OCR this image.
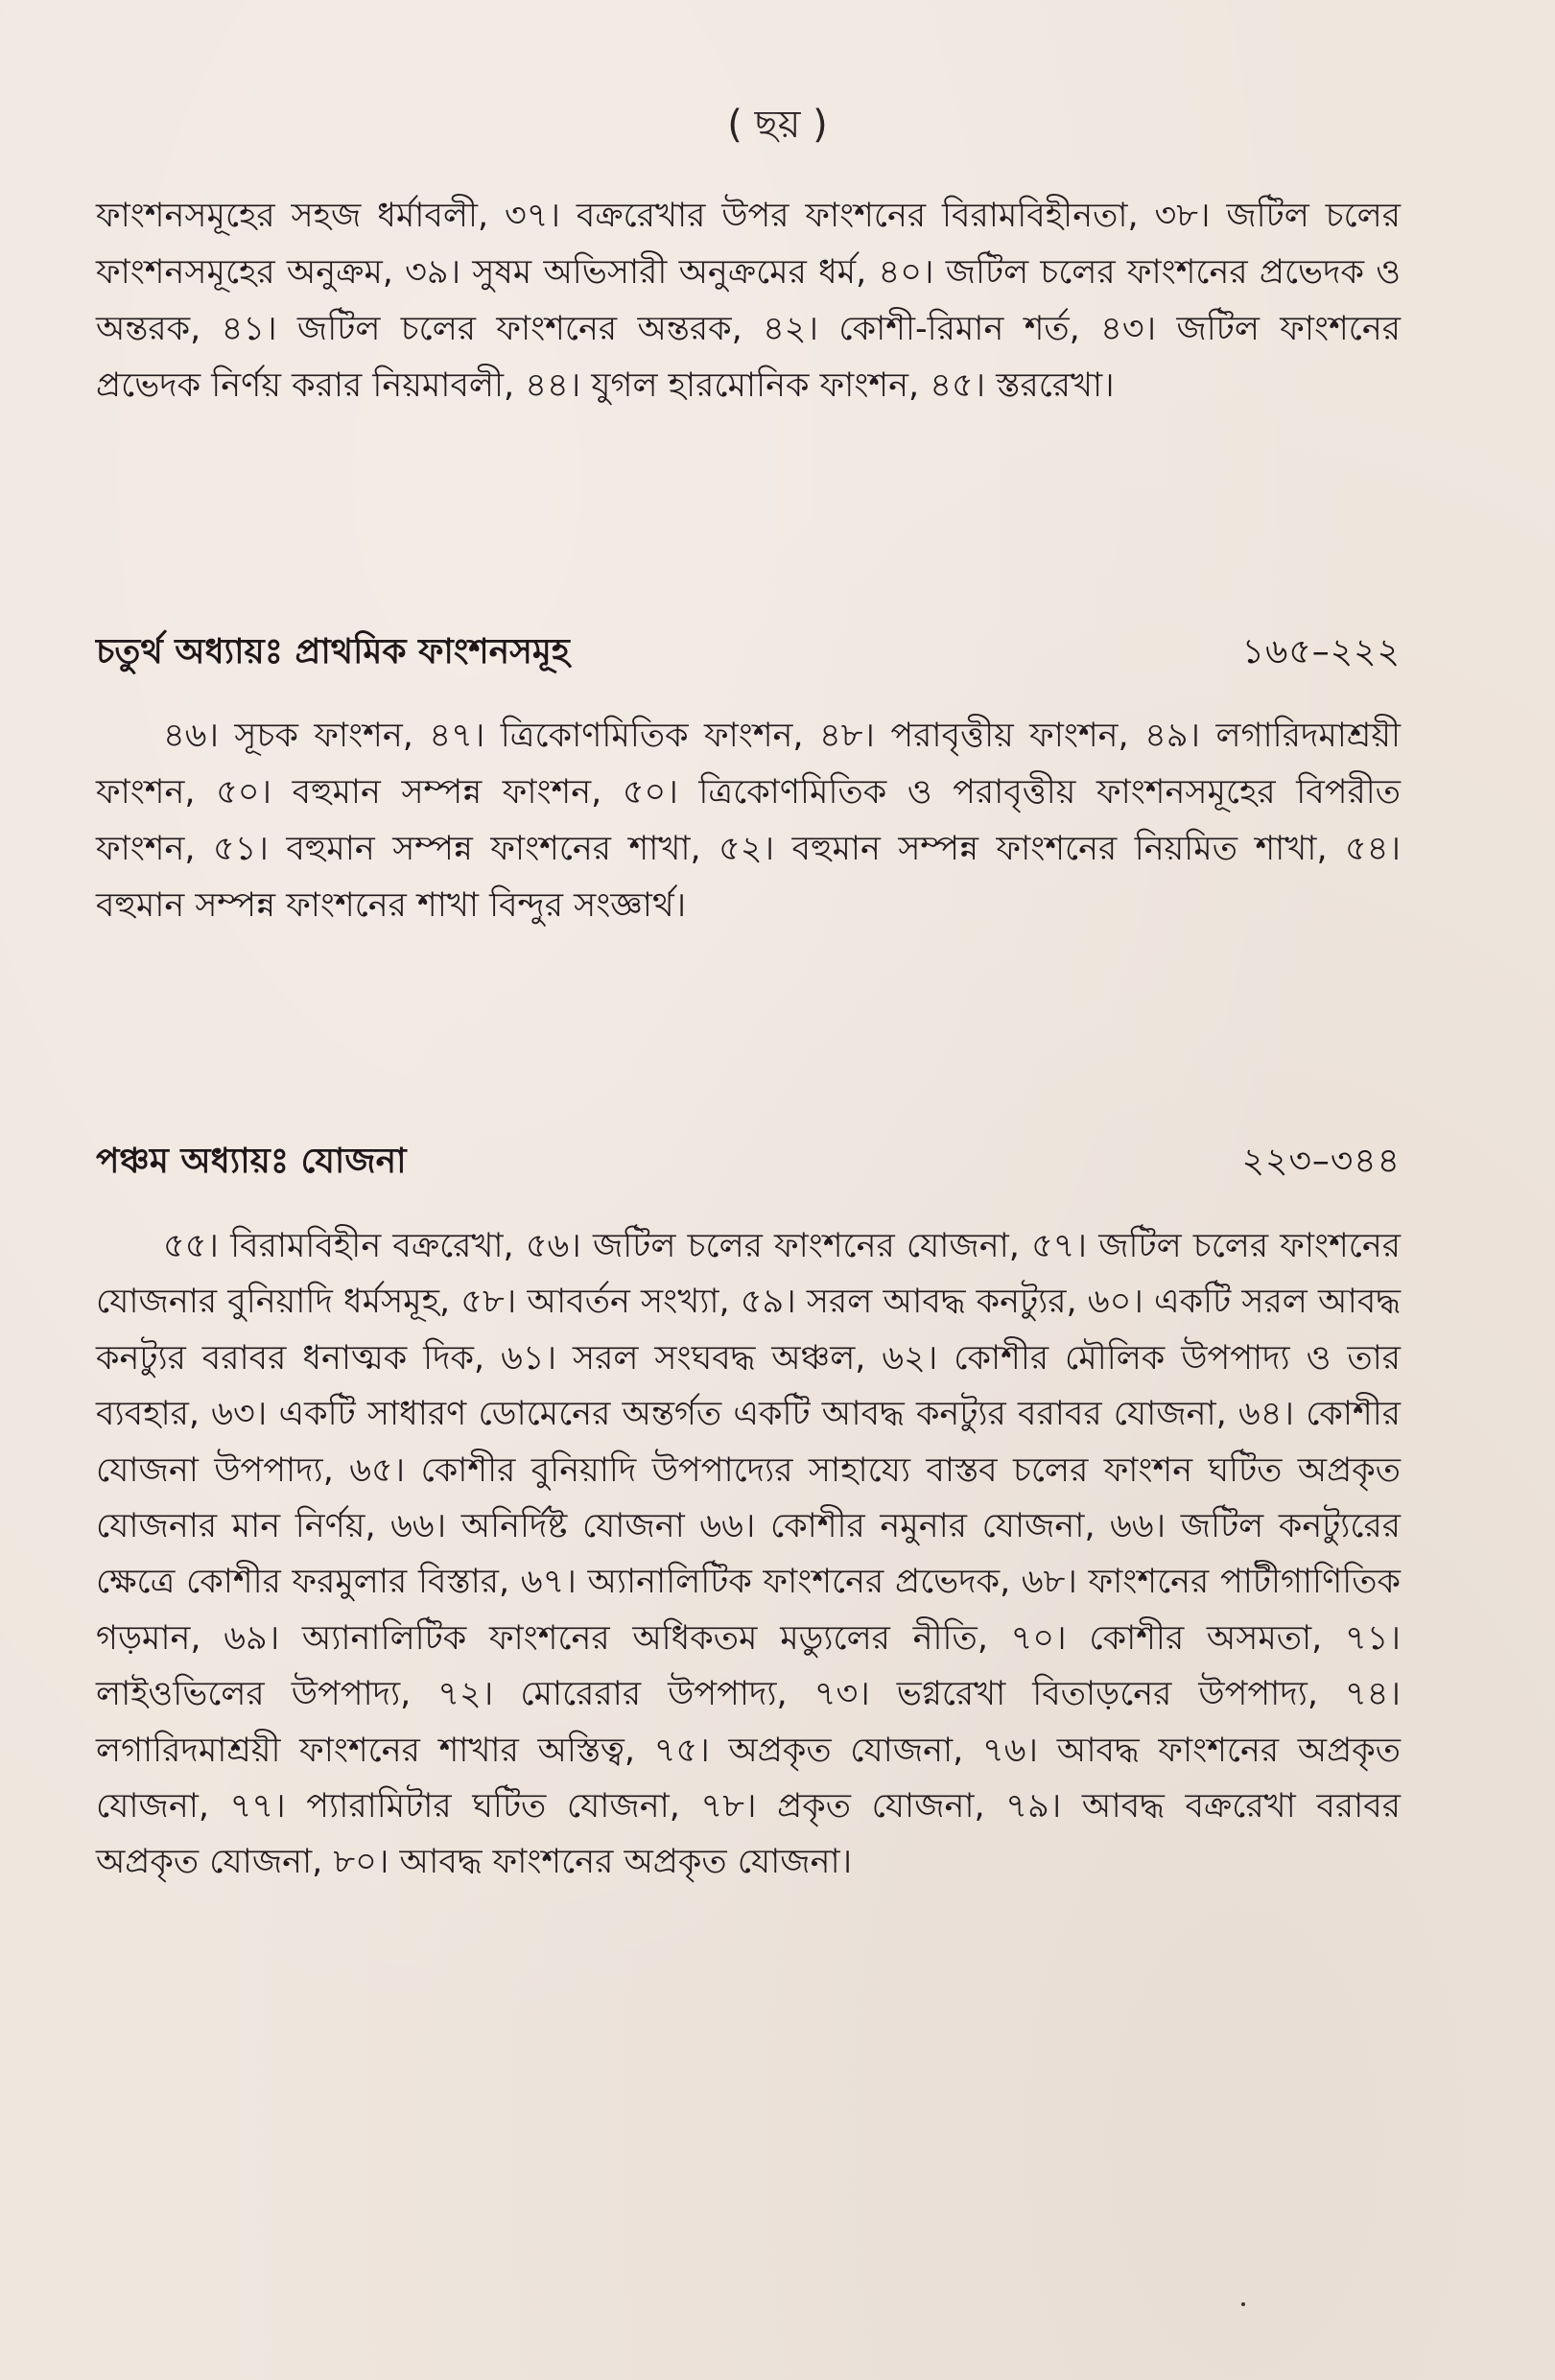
( ছয় )

ফাংশনসমূহের সহজ ধর্মাবলী, ৩৭। বক্ররেখার উপর ফাংশনের বিরামবিহীনতা, ৩৮। জটিল চলের ফাংশনসমূহের অনুক্রম, ৩৯। সুষম অভিসারী অনুক্রমের ধর্ম, ৪০। জটিল চলের ফাংশনের প্রভেদক ও অন্তরক, ৪১। জটিল চলের ফাংশনের অন্তরক, ৪২। কোশী-রিমান শর্ত, ৪৩। জটিল ফাংশনের প্রভেদক নির্ণয় করার নিয়মাবলী, ৪৪। যুগল হারমোনিক ফাংশন, ৪৫। স্তররেখা।

চতুর্থ অধ্যায়ঃ প্রাথমিক ফাংশনসমূহ	১৬৫–২২২

৪৬। সূচক ফাংশন, ৪৭। ত্রিকোণমিতিক ফাংশন, ৪৮। পরাবৃত্তীয় ফাংশন, ৪৯। লগারিদমাশ্রয়ী ফাংশন, ৫০। বহুমান সম্পন্ন ফাংশন, ৫০। ত্রিকোণমিতিক ও পরাবৃত্তীয় ফাংশনসমূহের বিপরীত ফাংশন, ৫১। বহুমান সম্পন্ন ফাংশনের শাখা, ৫২। বহুমান সম্পন্ন ফাংশনের নিয়মিত শাখা, ৫৪। বহুমান সম্পন্ন ফাংশনের শাখা বিন্দুর সংজ্ঞার্থ।

পঞ্চম অধ্যায়ঃ যোজনা	২২৩–৩৪৪

৫৫। বিরামবিহীন বক্ররেখা, ৫৬। জটিল চলের ফাংশনের যোজনা, ৫৭। জটিল চলের ফাংশনের যোজনার বুনিয়াদি ধর্মসমূহ, ৫৮। আবর্তন সংখ্যা, ৫৯। সরল আবদ্ধ কনট্যুর, ৬০। একটি সরল আবদ্ধ কনট্যুর বরাবর ধনাত্মক দিক, ৬১। সরল সংঘবদ্ধ অঞ্চল, ৬২। কোশীর মৌলিক উপপাদ্য ও তার ব্যবহার, ৬৩। একটি সাধারণ ডোমেনের অন্তর্গত একটি আবদ্ধ কনট্যুর বরাবর যোজনা, ৬৪। কোশীর যোজনা উপপাদ্য, ৬৫। কোশীর বুনিয়াদি উপপাদ্যের সাহায্যে বাস্তব চলের ফাংশন ঘটিত অপ্রকৃত যোজনার মান নির্ণয়, ৬৬। অনির্দিষ্ট যোজনা ৬৬। কোশীর নমুনার যোজনা, ৬৬। জটিল কনট্যুরের ক্ষেত্রে কোশীর ফরমুলার বিস্তার, ৬৭। অ্যানালিটিক ফাংশনের প্রভেদক, ৬৮। ফাংশনের পাটীগাণিতিক গড়মান, ৬৯। অ্যানালিটিক ফাংশনের অধিকতম মড্যুলের নীতি, ৭০। কোশীর অসমতা, ৭১। লাইওভিলের উপপাদ্য, ৭২। মোরেরার উপপাদ্য, ৭৩। ভগ্নরেখা বিতাড়নের উপপাদ্য, ৭৪। লগারিদমাশ্রয়ী ফাংশনের শাখার অস্তিত্ব, ৭৫। অপ্রকৃত যোজনা, ৭৬। আবদ্ধ ফাংশনের অপ্রকৃত যোজনা, ৭৭। প্যারামিটার ঘটিত যোজনা, ৭৮। প্রকৃত যোজনা, ৭৯। আবদ্ধ বক্ররেখা বরাবর অপ্রকৃত যোজনা, ৮০। আবদ্ধ ফাংশনের অপ্রকৃত যোজনা।
